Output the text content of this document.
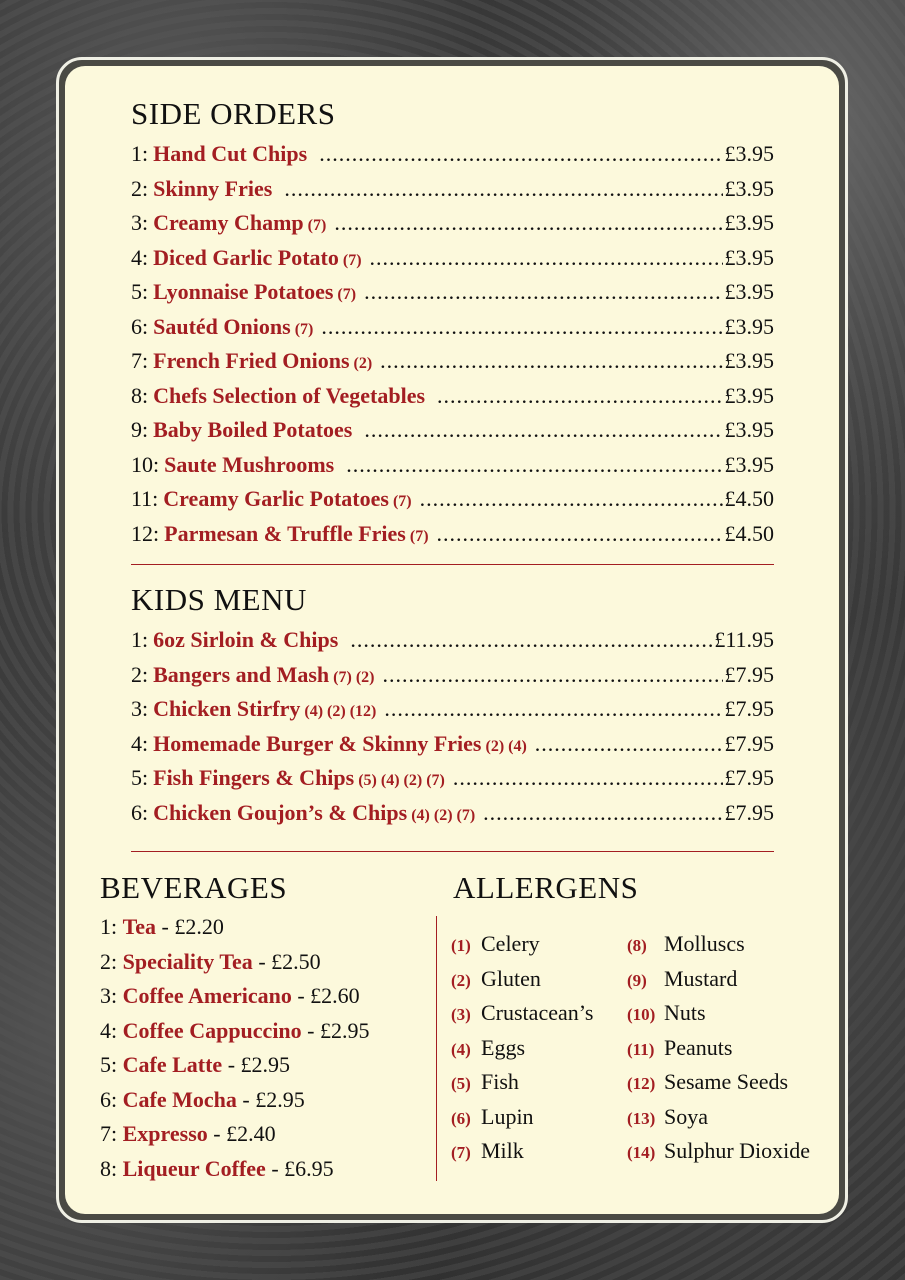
SIDE ORDERS
1: Hand Cut Chips .....	£3.95
2: Skinny Fries .....	£3.95
3: Creamy Champ (7) .....	£3.95
4: Diced Garlic Potato (7) .....	£3.95
5: Lyonnaise Potatoes (7) .....	£3.95
6: Sautéd Onions (7) .....	£3.95
7: French Fried Onions (2) .....	£3.95
8: Chefs Selection of Vegetables .....	£3.95
9: Baby Boiled Potatoes .....	£3.95
10: Saute Mushrooms .....	£3.95
11: Creamy Garlic Potatoes (7) .....	£4.50
12: Parmesan & Truffle Fries (7) .....	£4.50
KIDS MENU
1: 6oz Sirloin & Chips .....	£11.95
2: Bangers and Mash (7) (2) .....	£7.95
3: Chicken Stirfry (4) (2) (12) .....	£7.95
4: Homemade Burger & Skinny Fries (2) (4) .....	£7.95
5: Fish Fingers & Chips (5) (4) (2) (7) .....	£7.95
6: Chicken Goujon’s & Chips (4) (2) (7) .....	£7.95
BEVERAGES
1: Tea - £2.20
2: Speciality Tea - £2.50
3: Coffee Americano - £2.60
4: Coffee Cappuccino - £2.95
5: Cafe Latte - £2.95
6: Cafe Mocha - £2.95
7: Expresso - £2.40
8: Liqueur Coffee - £6.95
ALLERGENS
(1) Celery
(2) Gluten
(3) Crustacean’s
(4) Eggs
(5) Fish
(6) Lupin
(7) Milk
(8) Molluscs
(9) Mustard
(10) Nuts
(11) Peanuts
(12) Sesame Seeds
(13) Soya
(14) Sulphur Dioxide
